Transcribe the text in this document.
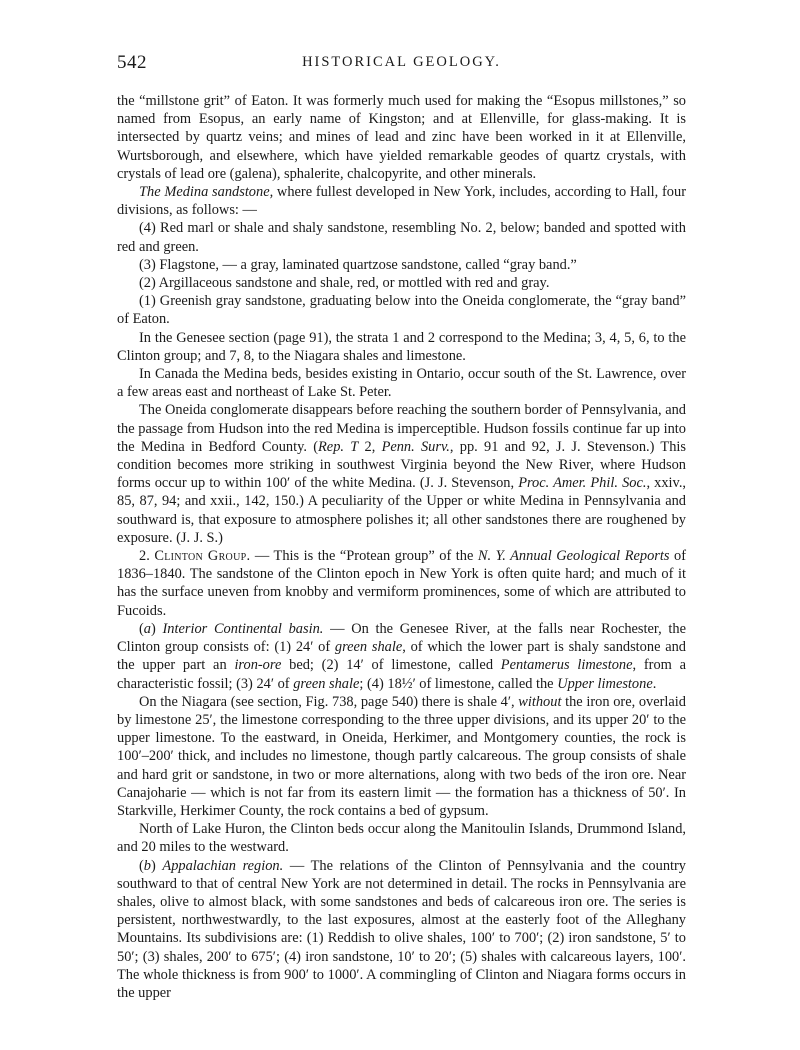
542	HISTORICAL GEOLOGY.

the “millstone grit” of Eaton. It was formerly much used for making the “Esopus millstones,” so named from Esopus, an early name of Kingston; and at Ellenville, for glass-making. It is intersected by quartz veins; and mines of lead and zinc have been worked in it at Ellenville, Wurtsborough, and elsewhere, which have yielded remarkable geodes of quartz crystals, with crystals of lead ore (galena), sphalerite, chalcopyrite, and other minerals.

The Medina sandstone, where fullest developed in New York, includes, according to Hall, four divisions, as follows: —

(4) Red marl or shale and shaly sandstone, resembling No. 2, below; banded and spotted with red and green.

(3) Flagstone, — a gray, laminated quartzose sandstone, called “gray band.”

(2) Argillaceous sandstone and shale, red, or mottled with red and gray.

(1) Greenish gray sandstone, graduating below into the Oneida conglomerate, the “gray band” of Eaton.

In the Genesee section (page 91), the strata 1 and 2 correspond to the Medina; 3, 4, 5, 6, to the Clinton group; and 7, 8, to the Niagara shales and limestone.

In Canada the Medina beds, besides existing in Ontario, occur south of the St. Lawrence, over a few areas east and northeast of Lake St. Peter.

The Oneida conglomerate disappears before reaching the southern border of Pennsylvania, and the passage from Hudson into the red Medina is imperceptible. Hudson fossils continue far up into the Medina in Bedford County. (Rep. T 2, Penn. Surv., pp. 91 and 92, J. J. Stevenson.) This condition becomes more striking in southwest Virginia beyond the New River, where Hudson forms occur up to within 100′ of the white Medina. (J. J. Stevenson, Proc. Amer. Phil. Soc., xxiv., 85, 87, 94; and xxii., 142, 150.) A peculiarity of the Upper or white Medina in Pennsylvania and southward is, that exposure to atmosphere polishes it; all other sandstones there are roughened by exposure. (J. J. S.)

2. Clinton Group. — This is the “Protean group” of the N. Y. Annual Geological Reports of 1836–1840. The sandstone of the Clinton epoch in New York is often quite hard; and much of it has the surface uneven from knobby and vermiform prominences, some of which are attributed to Fucoids.

(a) Interior Continental basin. — On the Genesee River, at the falls near Rochester, the Clinton group consists of: (1) 24′ of green shale, of which the lower part is shaly sandstone and the upper part an iron-ore bed; (2) 14′ of limestone, called Pentamerus limestone, from a characteristic fossil; (3) 24′ of green shale; (4) 18½′ of limestone, called the Upper limestone.

On the Niagara (see section, Fig. 738, page 540) there is shale 4′, without the iron ore, overlaid by limestone 25′, the limestone corresponding to the three upper divisions, and its upper 20′ to the upper limestone. To the eastward, in Oneida, Herkimer, and Montgomery counties, the rock is 100′–200′ thick, and includes no limestone, though partly calcareous. The group consists of shale and hard grit or sandstone, in two or more alternations, along with two beds of the iron ore. Near Canajoharie — which is not far from its eastern limit — the formation has a thickness of 50′. In Starkville, Herkimer County, the rock contains a bed of gypsum.

North of Lake Huron, the Clinton beds occur along the Manitoulin Islands, Drummond Island, and 20 miles to the westward.

(b) Appalachian region. — The relations of the Clinton of Pennsylvania and the country southward to that of central New York are not determined in detail. The rocks in Pennsylvania are shales, olive to almost black, with some sandstones and beds of calcareous iron ore. The series is persistent, northwestwardly, to the last exposures, almost at the easterly foot of the Alleghany Mountains. Its subdivisions are: (1) Reddish to olive shales, 100′ to 700′; (2) iron sandstone, 5′ to 50′; (3) shales, 200′ to 675′; (4) iron sandstone, 10′ to 20′; (5) shales with calcareous layers, 100′. The whole thickness is from 900′ to 1000′. A commingling of Clinton and Niagara forms occurs in the upper
